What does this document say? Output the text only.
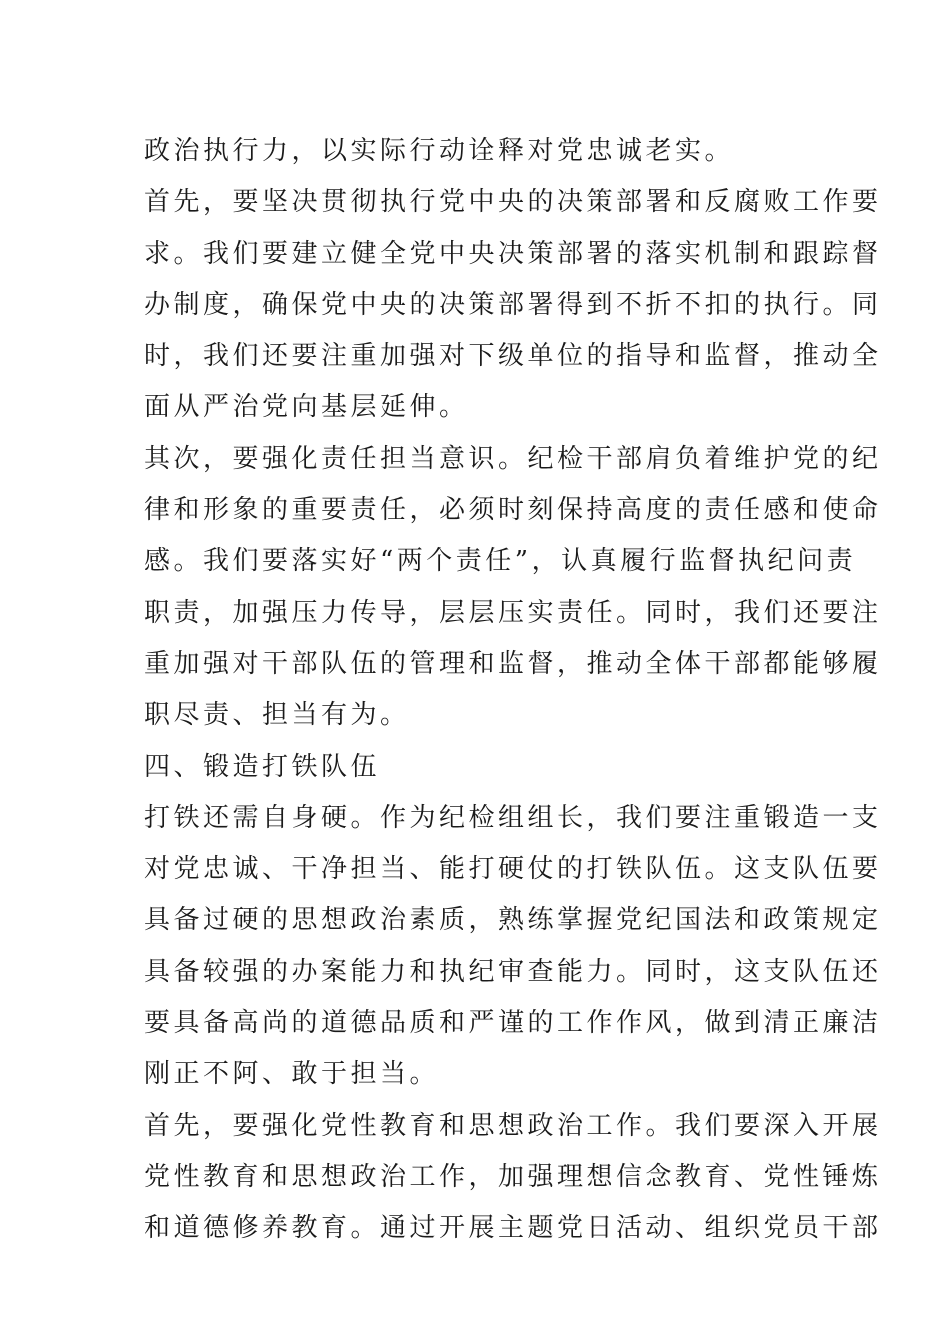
政治执行力，以实际行动诠释对党忠诚老实。
首先，要坚决贯彻执行党中央的决策部署和反腐败工作要
求。我们要建立健全党中央决策部署的落实机制和跟踪督
办制度，确保党中央的决策部署得到不折不扣的执行。同
时，我们还要注重加强对下级单位的指导和监督，推动全
面从严治党向基层延伸。
其次，要强化责任担当意识。纪检干部肩负着维护党的纪
律和形象的重要责任，必须时刻保持高度的责任感和使命
感。我们要落实好“两个责任”，认真履行监督执纪问责
职责，加强压力传导，层层压实责任。同时，我们还要注
重加强对干部队伍的管理和监督，推动全体干部都能够履
职尽责、担当有为。
四、锻造打铁队伍
打铁还需自身硬。作为纪检组组长，我们要注重锻造一支
对党忠诚、干净担当、能打硬仗的打铁队伍。这支队伍要
具备过硬的思想政治素质，熟练掌握党纪国法和政策规定
具备较强的办案能力和执纪审查能力。同时，这支队伍还
要具备高尚的道德品质和严谨的工作作风，做到清正廉洁
刚正不阿、敢于担当。
首先，要强化党性教育和思想政治工作。我们要深入开展
党性教育和思想政治工作，加强理想信念教育、党性锤炼
和道德修养教育。通过开展主题党日活动、组织党员干部
